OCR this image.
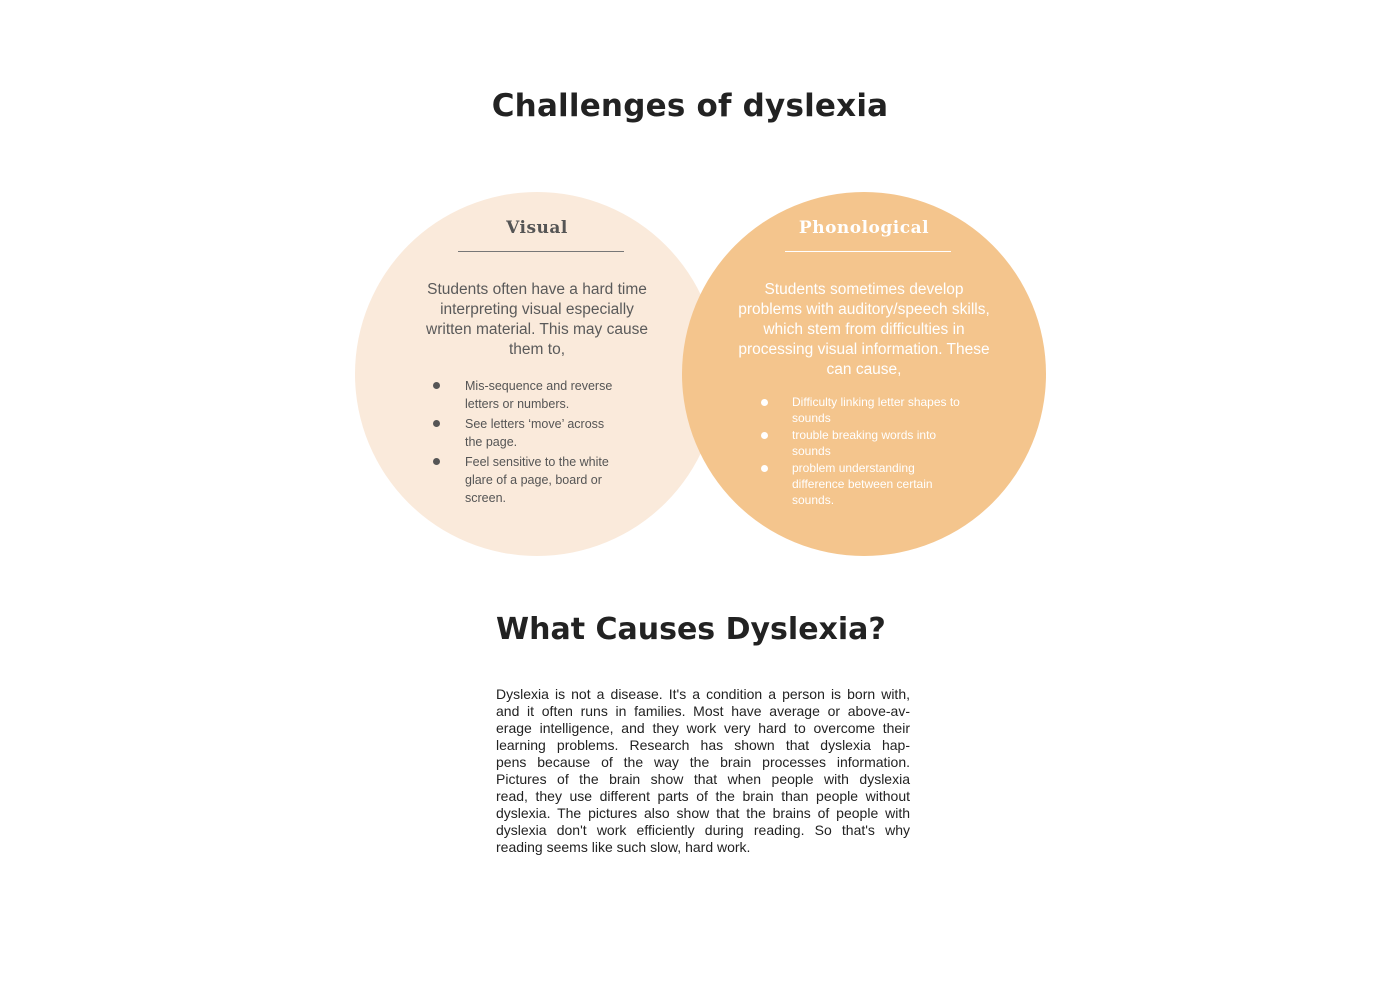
Challenges of dyslexia
Visual

Students often have a hard time
interpreting visual especially
written material. This may cause
them to,

Mis-sequence and reverse
letters or numbers.
See letters ‘move’ across
the page.
Feel sensitive to the white
glare of a page, board or
screen.
Phonological

Students sometimes develop
problems with auditory/speech skills,
which stem from difficulties in
processing visual information. These
can cause,

Difficulty linking letter shapes to
sounds
trouble breaking words into
sounds
problem understanding
difference between certain
sounds.
What Causes Dyslexia?

Dyslexia is not a disease. It's a condition a person is born with,
and it often runs in families. Most have average or above-av-
erage intelligence, and they work very hard to overcome their
learning problems. Research has shown that dyslexia hap-
pens because of the way the brain processes information.
Pictures of the brain show that when people with dyslexia
read, they use different parts of the brain than people without
dyslexia. The pictures also show that the brains of people with
dyslexia don't work efficiently during reading. So that's why
reading seems like such slow, hard work.
